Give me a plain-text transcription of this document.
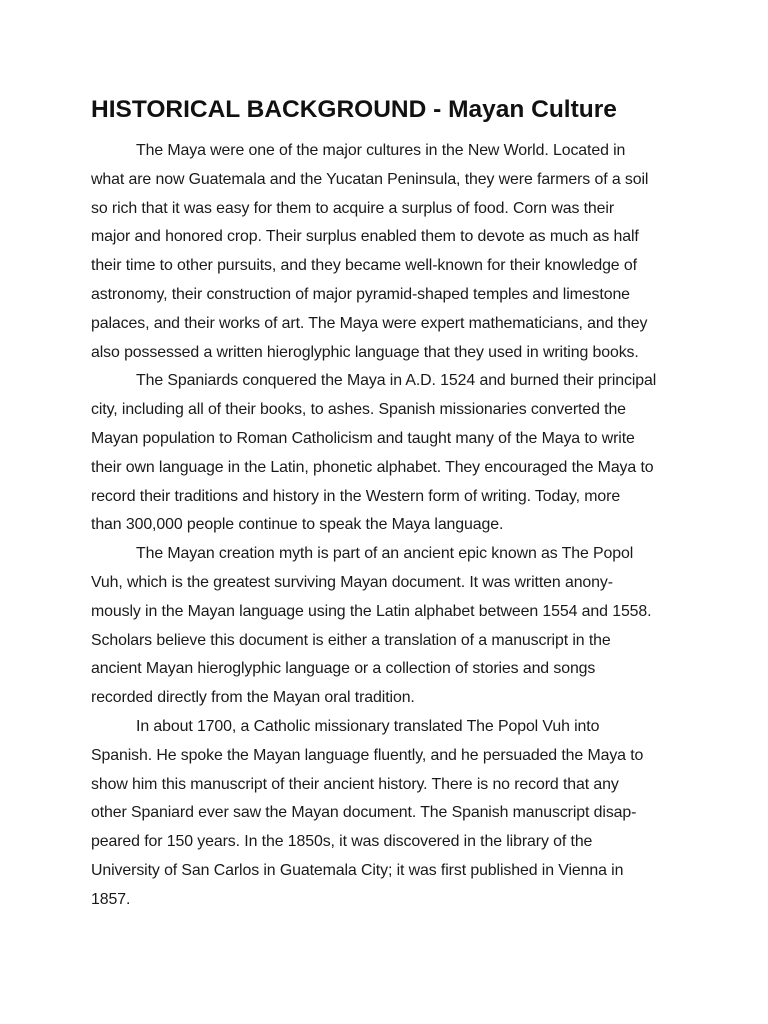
HISTORICAL BACKGROUND - Mayan Culture

The Maya were one of the major cultures in the New World. Located in
what are now Guatemala and the Yucatan Peninsula, they were farmers of a soil
so rich that it was easy for them to acquire a surplus of food. Corn was their
major and honored crop. Their surplus enabled them to devote as much as half
their time to other pursuits, and they became well-known for their knowledge of
astronomy, their construction of major pyramid-shaped temples and limestone
palaces, and their works of art. The Maya were expert mathematicians, and they
also possessed a written hieroglyphic language that they used in writing books.

The Spaniards conquered the Maya in A.D. 1524 and burned their principal
city, including all of their books, to ashes. Spanish missionaries converted the
Mayan population to Roman Catholicism and taught many of the Maya to write
their own language in the Latin, phonetic alphabet. They encouraged the Maya to
record their traditions and history in the Western form of writing. Today, more
than 300,000 people continue to speak the Maya language.

The Mayan creation myth is part of an ancient epic known as The Popol
Vuh, which is the greatest surviving Mayan document. It was written anony-
mously in the Mayan language using the Latin alphabet between 1554 and 1558.
Scholars believe this document is either a translation of a manuscript in the
ancient Mayan hieroglyphic language or a collection of stories and songs
recorded directly from the Mayan oral tradition.

In about 1700, a Catholic missionary translated The Popol Vuh into
Spanish. He spoke the Mayan language fluently, and he persuaded the Maya to
show him this manuscript of their ancient history. There is no record that any
other Spaniard ever saw the Mayan document. The Spanish manuscript disap-
peared for 150 years. In the 1850s, it was discovered in the library of the
University of San Carlos in Guatemala City; it was first published in Vienna in
1857.
